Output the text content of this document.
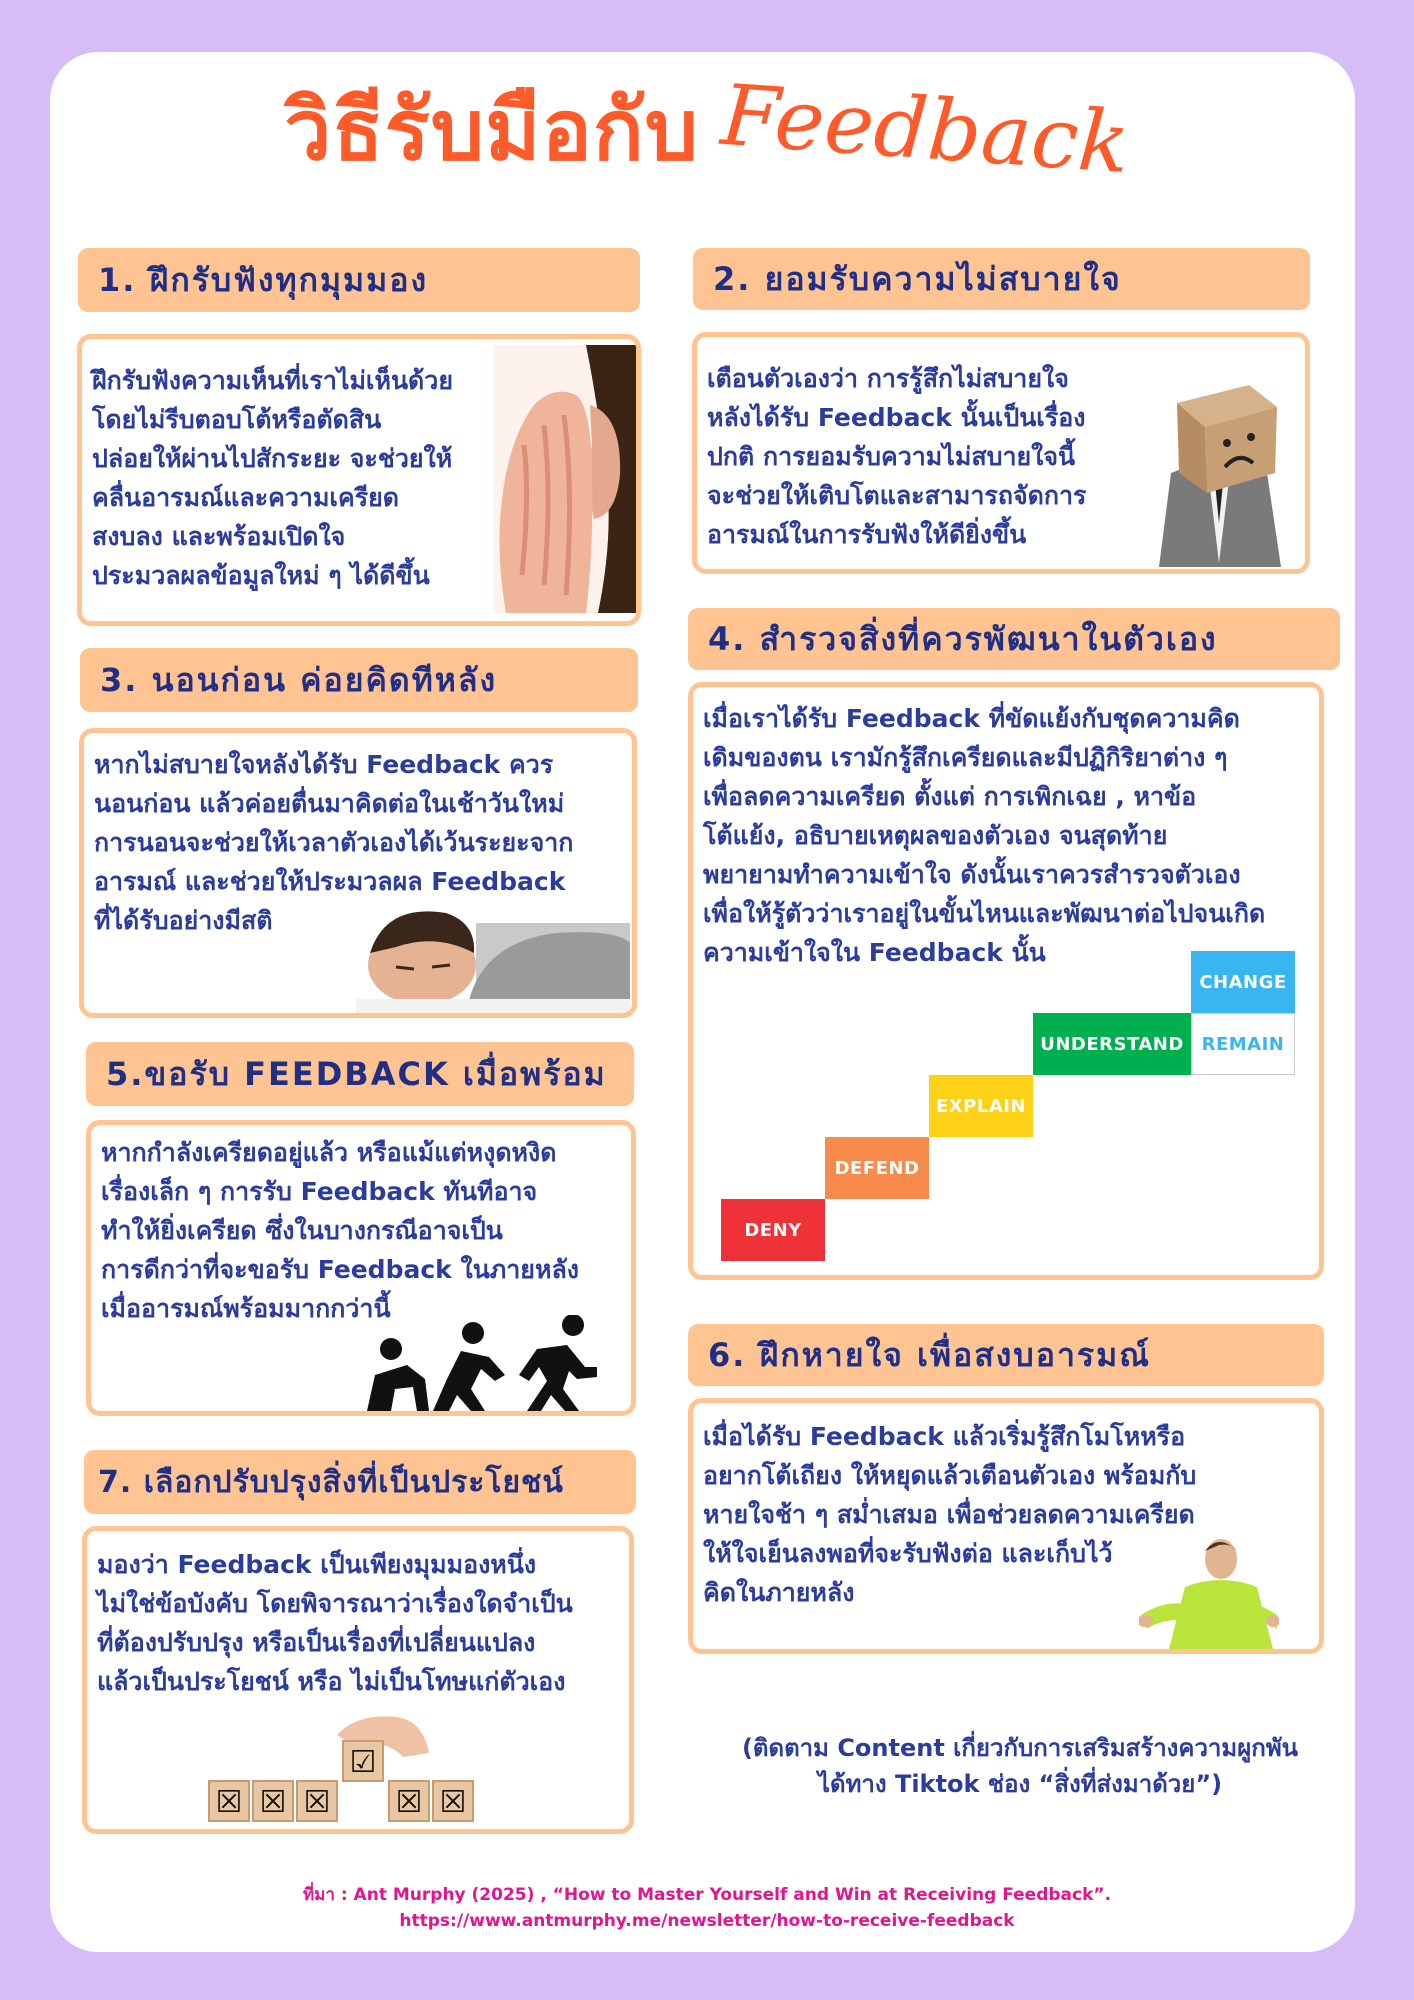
วิธีรับมือกับ Feedback
1. ฝึกรับฟังทุกมุมมอง

ฝึกรับฟังความเห็นที่เราไม่เห็นด้วย
โดยไม่รีบตอบโต้หรือตัดสิน
ปล่อยให้ผ่านไปสักระยะ จะช่วยให้
คลื่นอารมณ์และความเครียด
สงบลง และพร้อมเปิดใจ
ประมวลผลข้อมูลใหม่ ๆ ได้ดีขึ้น

2. ยอมรับความไม่สบายใจ

เตือนตัวเองว่า การรู้สึกไม่สบายใจ
หลังได้รับ Feedback นั้นเป็นเรื่อง
ปกติ การยอมรับความไม่สบายใจนี้
จะช่วยให้เติบโตและสามารถจัดการ
อารมณ์ในการรับฟังให้ดียิ่งขึ้น

3. นอนก่อน ค่อยคิดทีหลัง

หากไม่สบายใจหลังได้รับ Feedback ควร
นอนก่อน แล้วค่อยตื่นมาคิดต่อในเช้าวันใหม่
การนอนจะช่วยให้เวลาตัวเองได้เว้นระยะจาก
อารมณ์ และช่วยให้ประมวลผล Feedback
ที่ได้รับอย่างมีสติ

4. สำรวจสิ่งที่ควรพัฒนาในตัวเอง

เมื่อเราได้รับ Feedback ที่ขัดแย้งกับชุดความคิด
เดิมของตน เรามักรู้สึกเครียดและมีปฏิกิริยาต่าง ๆ
เพื่อลดความเครียด ตั้งแต่ การเพิกเฉย , หาข้อ
โต้แย้ง, อธิบายเหตุผลของตัวเอง จนสุดท้าย
พยายามทำความเข้าใจ ดังนั้นเราควรสำรวจตัวเอง
เพื่อให้รู้ตัวว่าเราอยู่ในขั้นไหนและพัฒนาต่อไปจนเกิด
ความเข้าใจใน Feedback นั้น

DENY
DEFEND
EXPLAIN
UNDERSTAND
CHANGE
REMAIN
5.ขอรับ FEEDBACK เมื่อพร้อม

หากกำลังเครียดอยู่แล้ว หรือแม้แต่หงุดหงิด
เรื่องเล็ก ๆ การรับ Feedback ทันทีอาจ
ทำให้ยิ่งเครียด ซึ่งในบางกรณีอาจเป็น
การดีกว่าที่จะขอรับ Feedback ในภายหลัง
เมื่ออารมณ์พร้อมมากกว่านี้

6. ฝึกหายใจ เพื่อสงบอารมณ์

เมื่อได้รับ Feedback แล้วเริ่มรู้สึกโมโหหรือ
อยากโต้เถียง ให้หยุดแล้วเตือนตัวเอง พร้อมกับ
หายใจช้า ๆ สม่ำเสมอ เพื่อช่วยลดความเครียด
ให้ใจเย็นลงพอที่จะรับฟังต่อ และเก็บไว้
คิดในภายหลัง

7. เลือกปรับปรุงสิ่งที่เป็นประโยชน์

มองว่า Feedback เป็นเพียงมุมมองหนึ่ง
ไม่ใช่ข้อบังคับ โดยพิจารณาว่าเรื่องใดจำเป็น
ที่ต้องปรับปรุง หรือเป็นเรื่องที่เปลี่ยนแปลง
แล้วเป็นประโยชน์ หรือ ไม่เป็นโทษแก่ตัวเอง

☒ ☒ ☒
☑
☒ ☒
(ติดตาม Content เกี่ยวกับการเสริมสร้างความผูกพัน
ได้ทาง Tiktok ช่อง “สิ่งที่ส่งมาด้วย”)
ที่มา : Ant Murphy (2025) , “How to Master Yourself and Win at Receiving Feedback”.
https://www.antmurphy.me/newsletter/how-to-receive-feedback
